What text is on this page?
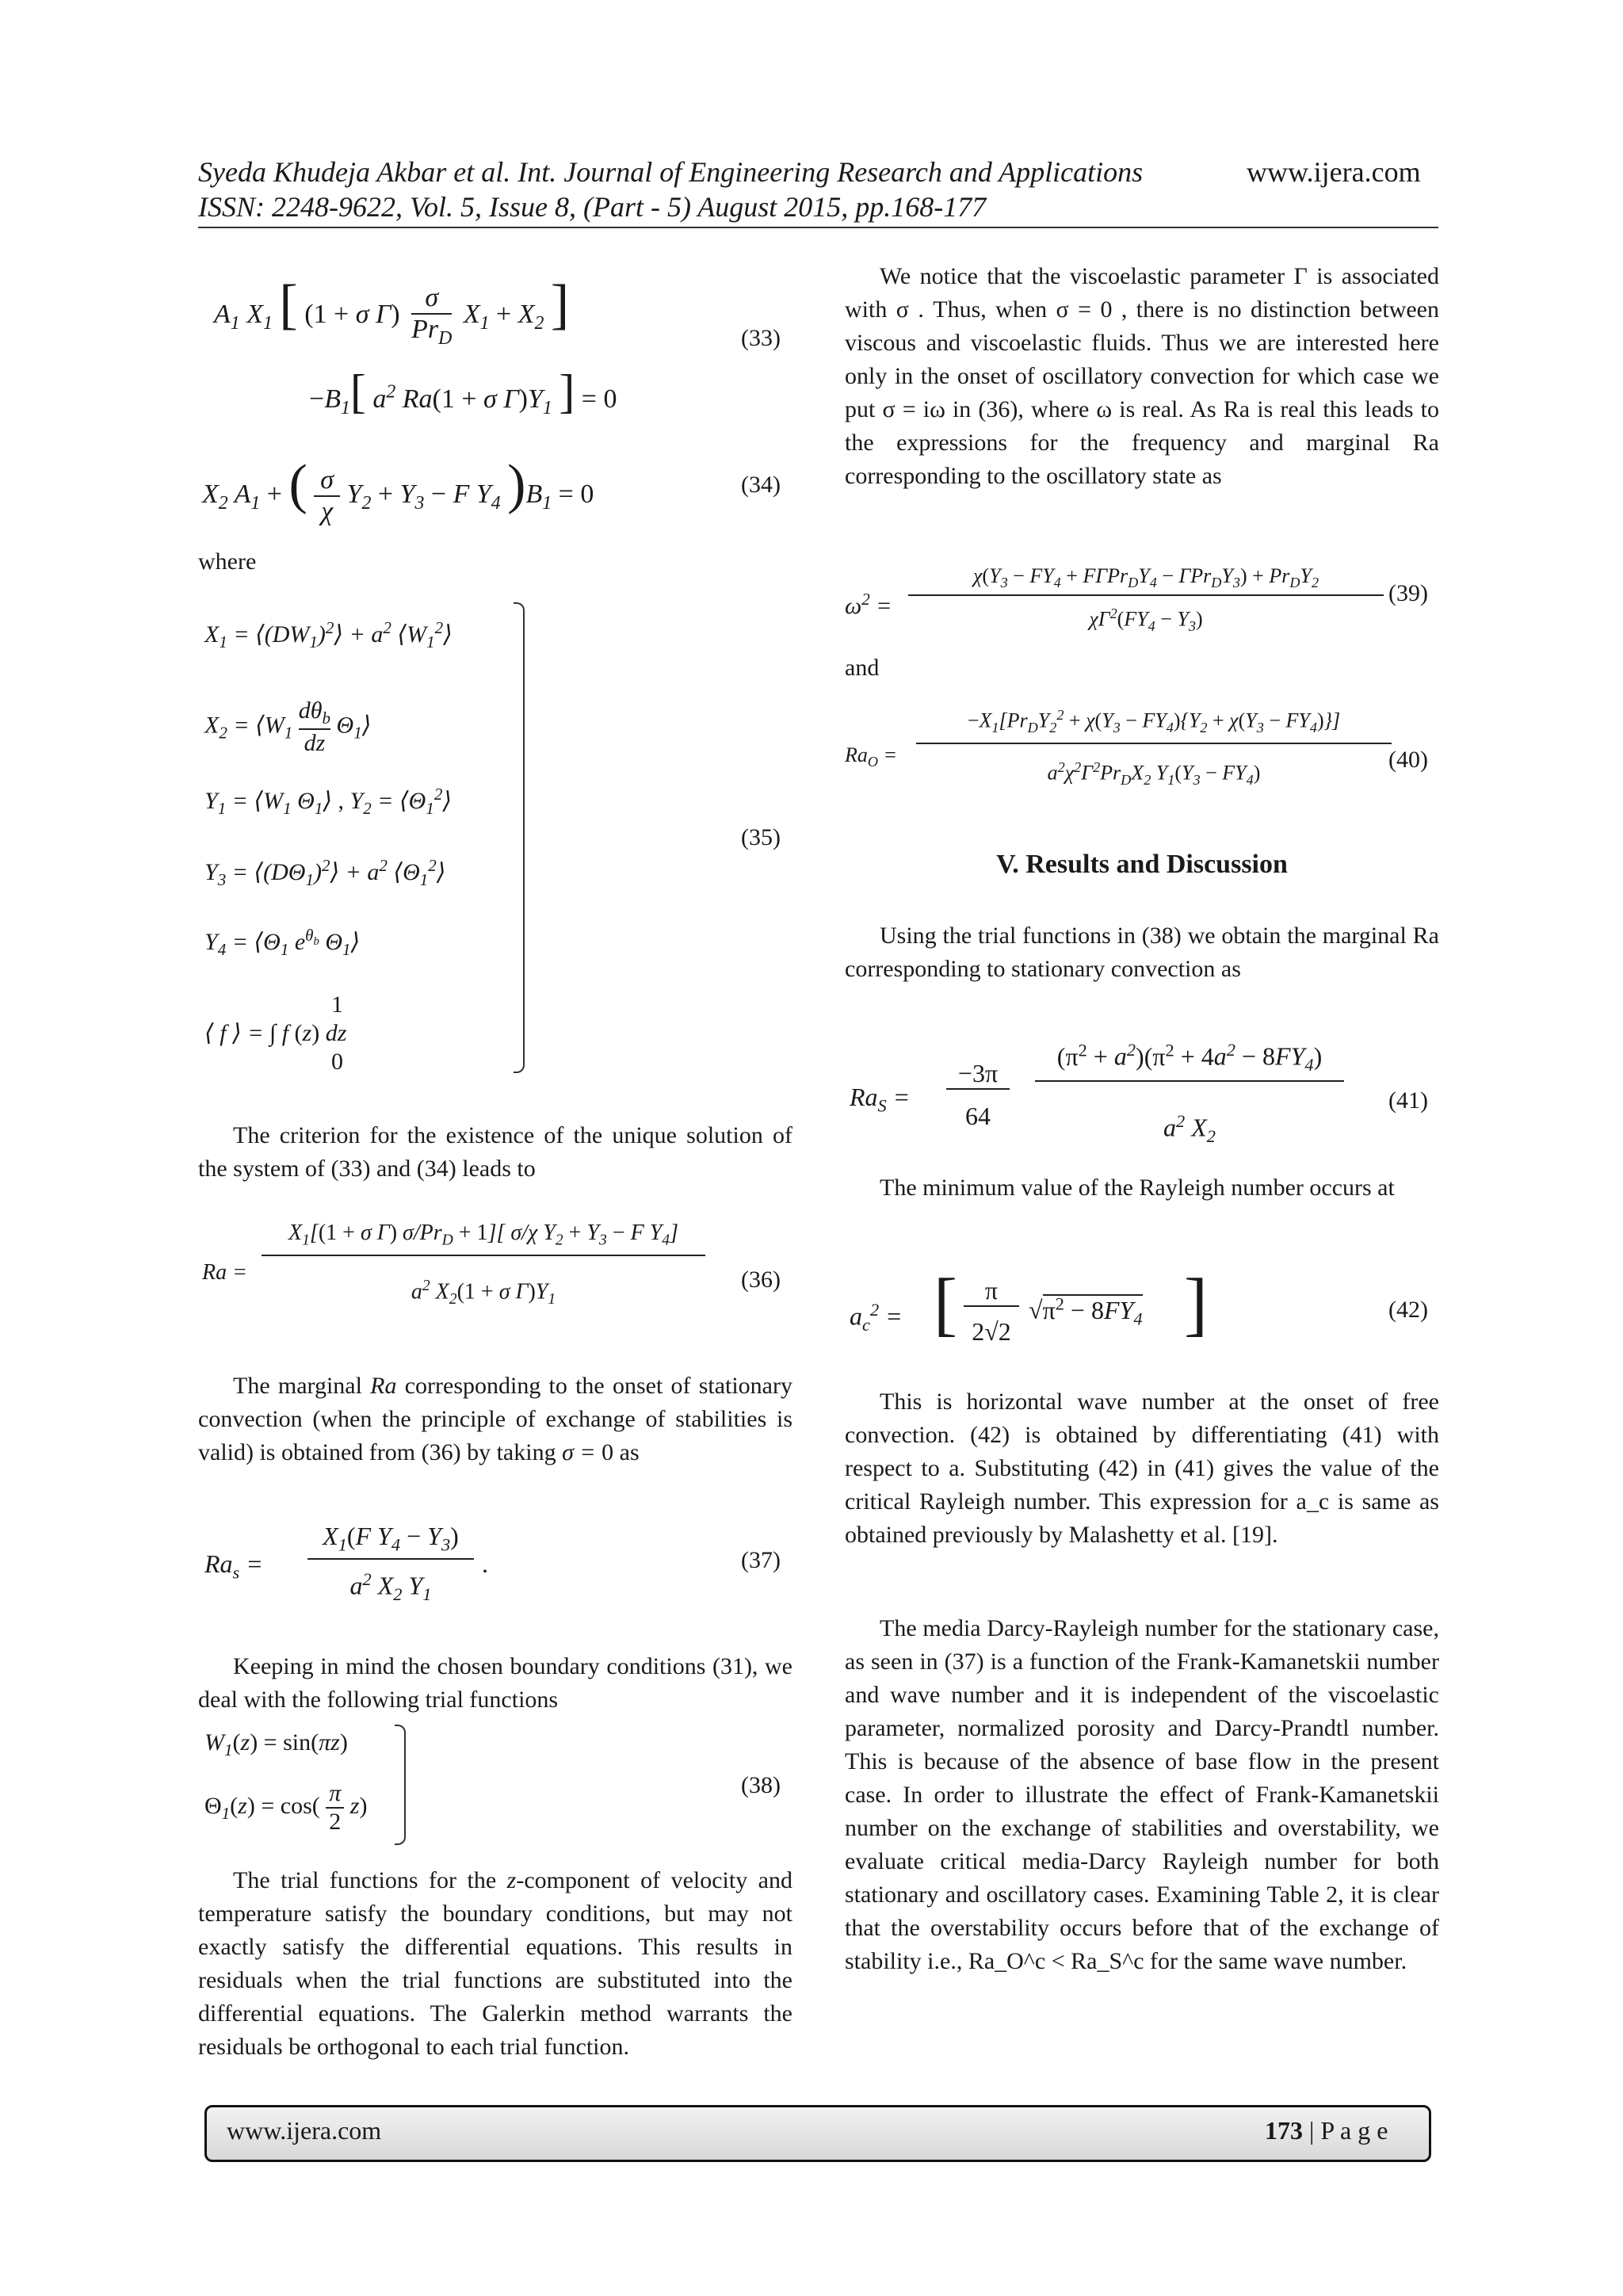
Syeda Khudeja Akbar et al. Int. Journal of Engineering Research and Applications	www.ijera.com
ISSN: 2248-9622, Vol. 5, Issue 8, (Part - 5) August 2015, pp.168-177
$A_1$ $X_1$ [ (1 + σ Γ)
σ
$Pr_D$
$X_1 + X_2$ ]
$-B_1$[ $a^2$ Ra(1 + σ $\Gamma)Y_1$ ] = 0
(33)
$X_2$ $A_1$ + ( $\frac{\sigma}{\chi} Y_2 + Y_3 - F$ $Y_4$ )$B_1 = 0$	(34)
where
$X_1$ = $⟨(DW_1)^2⟩ + a^2$ $⟨W_1^2⟩$
$X_2$ = $⟨W_1$
$d\theta_b$
dz
$\Theta_1⟩$
$Y_1$ = $⟨W_1$ $\Theta_1⟩$ , $Y_2$ = $⟨\Theta_1^2⟩$
$Y_3$ = $⟨(D\Theta_1)^2⟩ + a^2$ $⟨\Theta_1^2⟩$
$Y_4$ = $⟨\Theta_1$ $e^{\theta_b}$ $\Theta_1⟩$
1
⟨ f ⟩ = ∫ f (z) dz
0
(35)
The criterion for the existence of the unique solution of the system of (33) and (34) leads to
Ra =
$X_1[(1 + \sigma$ Γ) $\sigma/Pr_D + 1$][ σ/χ $Y_2 + Y_3 - F$ $Y_4$]
$a^2$ $X_2(1 + \sigma$ $\Gamma)Y_1$
(36)
The marginal Ra corresponding to the onset of stationary convection (when the principle of exchange of stabilities is valid) is obtained from (36) by taking σ = 0 as
$Ra_s$ =
$X_1(F$ $Y_4 - Y_3$)
$a^2$ $X_2$ $Y_1$
.	(37)
Keeping in mind the chosen boundary conditions (31), we deal with the following trial functions
$W_1(z) = \sin(\pi z)$
$\Theta_1(z) = \cos( \frac{\pi}{2} z)$
(38)
The trial functions for the z-component of velocity and temperature satisfy the boundary conditions, but may not exactly satisfy the differential equations. This results in residuals when the trial functions are substituted into the differential equations. The Galerkin method warrants the residuals be orthogonal to each trial function.
We notice that the viscoelastic parameter Γ is associated with σ . Thus, when σ = 0 , there is no distinction between viscous and viscoelastic fluids. Thus we are interested here only in the onset of oscillatory convection for which case we put σ = iω in (36), where ω is real. As Ra is real this leads to the expressions for the frequency and marginal Ra corresponding to the oscillatory state as
$\omega^2$ =
$\chi(Y_3 - FY_4 + F\Gamma Pr_DY_4 - \Gamma Pr_DY_3) + Pr_DY_2$
$\chi\Gamma^2(FY_4 - Y_3)$
(39)
and
$Ra_O$ =
$-X_1[Pr_DY_2^2 + \chi(Y_3 - FY_4)\{Y_2 + \chi(Y_3 - FY_4)\}]$
$a^2\chi^2\Gamma^2Pr_DX_2$ $Y_1(Y_3 - FY_4)$
(40)
V. Results and Discussion
Using the trial functions in (38) we obtain the marginal Ra corresponding to stationary convection as
$Ra_S$ =
−3π
64
$(\pi^2 + a^2)(\pi^2 + 4a^2 - 8FY_4)$
$a^2$ $X_2$
(41)
The minimum value of the Rayleigh number occurs at
$a_c^2$ = [	π
2√2
$√\pi^2 - 8FY_4$ ]	(42)
This is horizontal wave number at the onset of free convection. (42) is obtained by differentiating (41) with respect to a. Substituting (42) in (41) gives the value of the critical Rayleigh number. This expression for a_c is same as obtained previously by Malashetty et al. [19].
The media Darcy-Rayleigh number for the stationary case, as seen in (37) is a function of the Frank-Kamanetskii number and wave number and it is independent of the viscoelastic parameter, normalized porosity and Darcy-Prandtl number. This is because of the absence of base flow in the present case. In order to illustrate the effect of Frank-Kamanetskii number on the exchange of stabilities and overstability, we evaluate critical media-Darcy Rayleigh number for both stationary and oscillatory cases. Examining Table 2, it is clear that the overstability occurs before that of the exchange of stability i.e., Ra_O^c < Ra_S^c for the same wave number.
www.ijera.com	173 | P a g e
